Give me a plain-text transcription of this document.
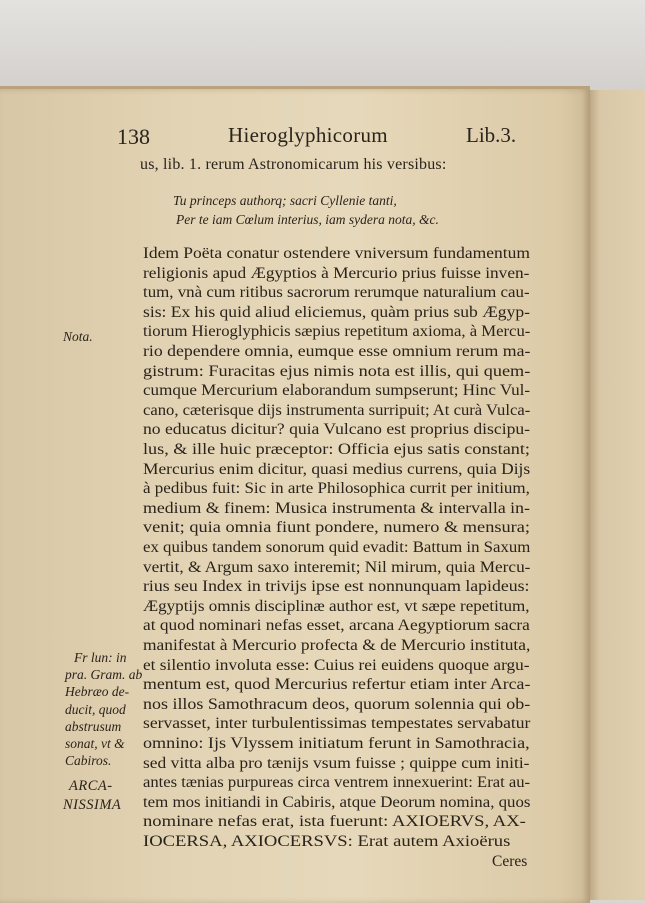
138	Hieroglyphicorum	Lib.3.
us, lib. 1. rerum Astronomicarum his versibus:
Tu princeps authorq; sacri Cyllenie tanti,
Per te iam Cœlum interius, iam sydera nota, &c.
Idem Poëta conatur ostendere vniversum fundamentum
religionis apud Ægyptios à Mercurio prius fuisse inven-
tum, vnà cum ritibus sacrorum rerumque naturalium cau-
sis: Ex his quid aliud eliciemus, quàm prius sub Ægyp-
tiorum Hieroglyphicis sæpius repetitum axioma, à Mercu-
rio dependere omnia, eumque esse omnium rerum ma-
gistrum: Furacitas ejus nimis nota est illis, qui quem-
cumque Mercurium elaborandum sumpserunt; Hinc Vul-
cano, cæterisque dijs instrumenta surripuit; At curà Vulca-
no educatus dicitur? quia Vulcano est proprius discipu-
lus, & ille huic præceptor: Officia ejus satis constant;
Mercurius enim dicitur, quasi medius currens, quia Dijs
à pedibus fuit: Sic in arte Philosophica currit per initium,
medium & finem: Musica instrumenta & intervalla in-
venit; quia omnia fiunt pondere, numero & mensura;
ex quibus tandem sonorum quid evadit: Battum in Saxum
vertit, & Argum saxo interemit; Nil mirum, quia Mercu-
rius seu Index in trivijs ipse est nonnunquam lapideus:
Ægyptijs omnis disciplinæ author est, vt sæpe repetitum,
at quod nominari nefas esset, arcana Aegyptiorum sacra
manifestat à Mercurio profecta & de Mercurio instituta,
et silentio involuta esse: Cuius rei euidens quoque argu-
mentum est, quod Mercurius refertur etiam inter Arca-
nos illos Samothracum deos, quorum solennia qui ob-
servasset, inter turbulentissimas tempestates servabatur
omnino: Ijs Vlyssem initiatum ferunt in Samothracia,
sed vitta alba pro tænijs vsum fuisse ; quippe cum initi-
antes tænias purpureas circa ventrem innexuerint: Erat au-
tem mos initiandi in Cabiris, atque Deorum nomina, quos
nominare nefas erat, ista fuerunt: AXIOERVS, AX-
IOCERSA, AXIOCERSVS: Erat autem Axioërus
Ceres
Nota.
Fr lun: in
pra. Gram. ab
Hebræo de-
ducit, quod
abstrusum
sonat, vt &
Cabiros.
ARCA-
NISSIMA
